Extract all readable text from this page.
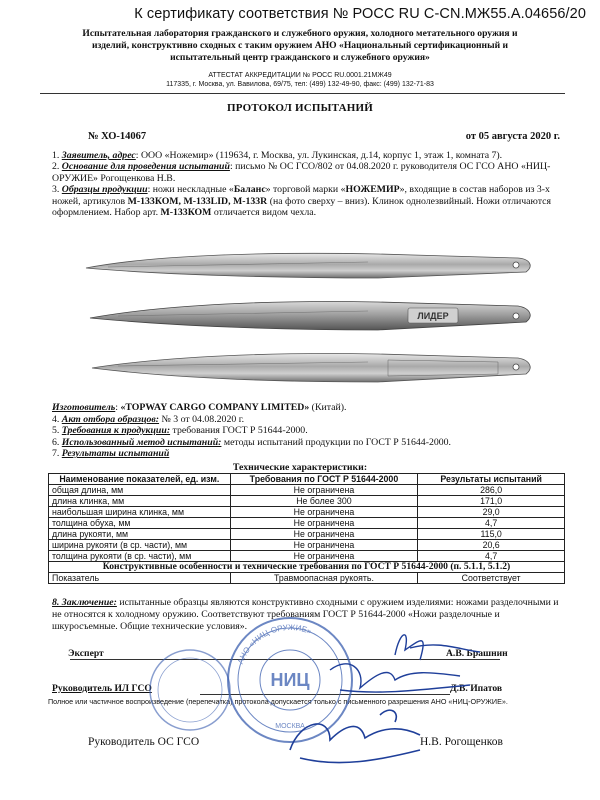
К сертификату соответствия № РОСС RU С-CN.МЖ55.А.04656/20
Испытательная лаборатория гражданского и служебного оружия, холодного метательного оружия и
изделий, конструктивно сходных с таким оружием АНО «Национальный сертификационный и
испытательный центр гражданского и служебного оружия»
АТТЕСТАТ АККРЕДИТАЦИИ № РОСС RU.0001.21МЖ49
117335, г. Москва, ул. Вавилова, 69/75, тел: (499) 132-49-90, факс: (499) 132-71-83
ПРОТОКОЛ ИСПЫТАНИЙ
№ ХО-14067	от 05 августа 2020 г.

1. Заявитель, адрес: ООО «Ножемир» (119634, г. Москва, ул. Лукинская, д.14, корпус 1, этаж 1, комната 7).

2. Основание для проведения испытаний: письмо № ОС ГСО/802 от 04.08.2020 г. руководителя ОС ГСО АНО «НИЦ-ОРУЖИЕ» Рогощенкова Н.В.

3. Образцы продукции: ножи нескладные «Баланс» торговой марки «НОЖЕМИР», входящие в состав наборов из 3-х ножей, артикулов М-133КОМ, М-133LID, М-133R (на фото сверху – вниз). Клинок однолезвийный. Ножи отличаются оформлением. Набор арт. М-133КОМ отличается видом чехла.

ЛИДЕР

Изготовитель: «TOPWAY CARGO COMPANY LIMITED» (Китай).

4. Акт отбора образцов: № 3 от 04.08.2020 г.

5. Требования к продукции: требования ГОСТ Р 51644-2000.

6. Использованный метод испытаний: методы испытаний продукции по ГОСТ Р 51644-2000.

7. Результаты испытаний

Технические характеристики:
Наименование показателей, ед. изм.	Требования по ГОСТ Р 51644-2000	Результаты испытаний
общая длина, мм	Не ограничена	286,0
длина клинка, мм	Не более 300	171,0
наибольшая ширина клинка, мм	Не ограничена	29,0
толщина обуха, мм	Не ограничена	4,7
длина рукояти, мм	Не ограничена	115,0
ширина рукояти (в ср. части), мм	Не ограничена	20,6
толщина рукояти (в ср. части), мм	Не ограничена	4,7
Конструктивные особенности и технические требования по ГОСТ Р 51644-2000 (п. 5.1.1, 5.1.2)		
Показатель	Травмоопасная рукоять.	Соответствует

8. Заключение: испытанные образцы являются конструктивно сходными с оружием изделиями: ножами разделочными и не относятся к холодному оружию. Соответствуют требованиям ГОСТ Р 51644-2000 «Ножи разделочные и шкуросъемные. Общие технические условия».

Эксперт	А.В. Брашнин
Руководитель ИЛ ГСО	Д.В. Ипатов
Полное или частичное воспроизведение (перепечатка) протокола допускается только с письменного разрешения АНО «НИЦ-ОРУЖИЕ».
Руководитель ОС ГСО	Н.В. Рогощенков
АНО «НИЦ-ОРУЖИЕ»
НИЦ
МОСКВА
